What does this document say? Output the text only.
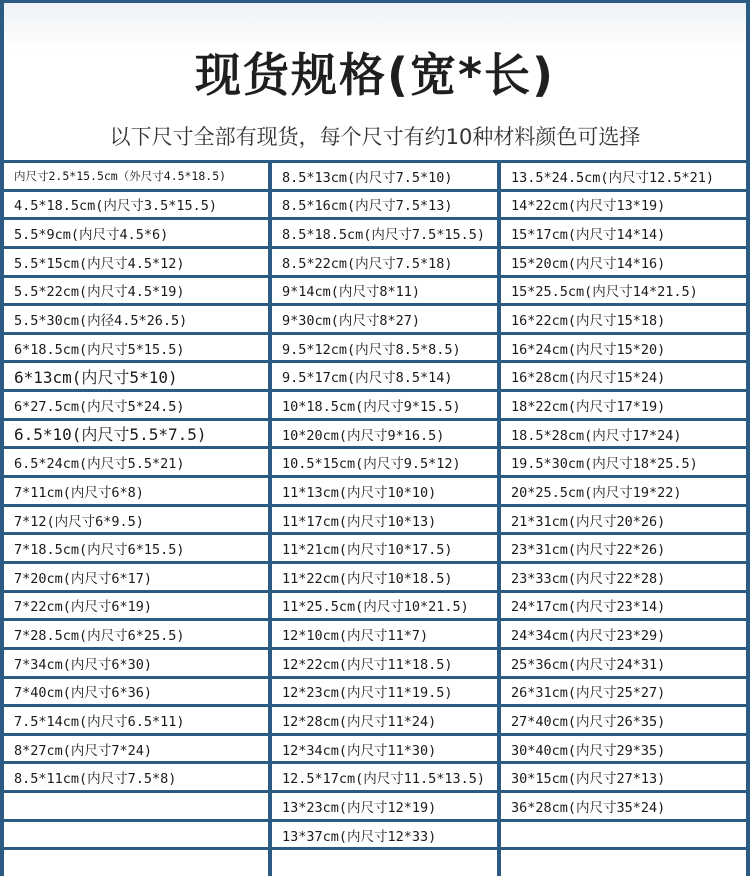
现货规格(宽*长)
以下尺寸全部有现货，每个尺寸有约10种材料颜色可选择
内尺寸2.5*15.5cm（外尺寸4.5*18.5)
4.5*18.5cm(内尺寸3.5*15.5)
5.5*9cm(内尺寸4.5*6)
5.5*15cm(内尺寸4.5*12)
5.5*22cm(内尺寸4.5*19)
5.5*30cm(内径4.5*26.5)
6*18.5cm(内尺寸5*15.5)
6*13cm(内尺寸5*10)
6*27.5cm(内尺寸5*24.5)
6.5*10(内尺寸5.5*7.5)
6.5*24cm(内尺寸5.5*21)
7*11cm(内尺寸6*8)
7*12(内尺寸6*9.5)
7*18.5cm(内尺寸6*15.5)
7*20cm(内尺寸6*17)
7*22cm(内尺寸6*19)
7*28.5cm(内尺寸6*25.5)
7*34cm(内尺寸6*30)
7*40cm(内尺寸6*36)
7.5*14cm(内尺寸6.5*11)
8*27cm(内尺寸7*24)
8.5*11cm(内尺寸7.5*8)
8.5*13cm(内尺寸7.5*10)
8.5*16cm(内尺寸7.5*13)
8.5*18.5cm(内尺寸7.5*15.5)
8.5*22cm(内尺寸7.5*18)
9*14cm(内尺寸8*11)
9*30cm(内尺寸8*27)
9.5*12cm(内尺寸8.5*8.5)
9.5*17cm(内尺寸8.5*14)
10*18.5cm(内尺寸9*15.5)
10*20cm(内尺寸9*16.5)
10.5*15cm(内尺寸9.5*12)
11*13cm(内尺寸10*10)
11*17cm(内尺寸10*13)
11*21cm(内尺寸10*17.5)
11*22cm(内尺寸10*18.5)
11*25.5cm(内尺寸10*21.5)
12*10cm(内尺寸11*7)
12*22cm(内尺寸11*18.5)
12*23cm(内尺寸11*19.5)
12*28cm(内尺寸11*24)
12*34cm(内尺寸11*30)
12.5*17cm(内尺寸11.5*13.5)
13*23cm(内尺寸12*19)
13*37cm(内尺寸12*33)
13.5*24.5cm(内尺寸12.5*21)
14*22cm(内尺寸13*19)
15*17cm(内尺寸14*14)
15*20cm(内尺寸14*16)
15*25.5cm(内尺寸14*21.5)
16*22cm(内尺寸15*18)
16*24cm(内尺寸15*20)
16*28cm(内尺寸15*24)
18*22cm(内尺寸17*19)
18.5*28cm(内尺寸17*24)
19.5*30cm(内尺寸18*25.5)
20*25.5cm(内尺寸19*22)
21*31cm(内尺寸20*26)
23*31cm(内尺寸22*26)
23*33cm(内尺寸22*28)
24*17cm(内尺寸23*14)
24*34cm(内尺寸23*29)
25*36cm(内尺寸24*31)
26*31cm(内尺寸25*27)
27*40cm(内尺寸26*35)
30*40cm(内尺寸29*35)
30*15cm(内尺寸27*13)
36*28cm(内尺寸35*24)
